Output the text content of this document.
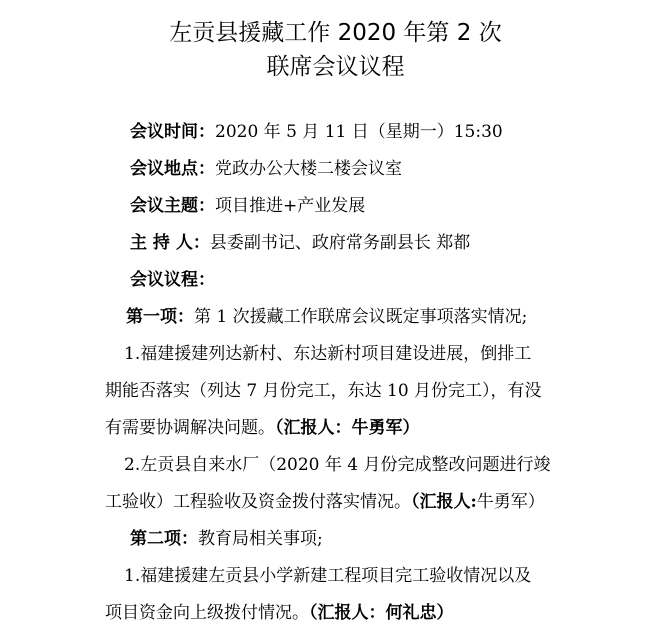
左贡县援藏工作 2020 年第 2 次
联席会议议程
会议时间：2020 年 5 月 11 日（星期一）15:30
会议地点：党政办公大楼二楼会议室
会议主题：项目推进+产业发展
主 持 人：县委副书记、政府常务副县长 郑都
会议议程：
第一项：第 1 次援藏工作联席会议既定事项落实情况;
1.福建援建列达新村、东达新村项目建设进展，倒排工
期能否落实（列达 7 月份完工，东达 10 月份完工），有没
有需要协调解决问题。（汇报人：牛勇军）
2.左贡县自来水厂（2020 年 4 月份完成整改问题进行竣
工验收）工程验收及资金拨付落实情况。（汇报人:牛勇军）
第二项：教育局相关事项;
1.福建援建左贡县小学新建工程项目完工验收情况以及
项目资金向上级拨付情况。（汇报人：何礼忠）
